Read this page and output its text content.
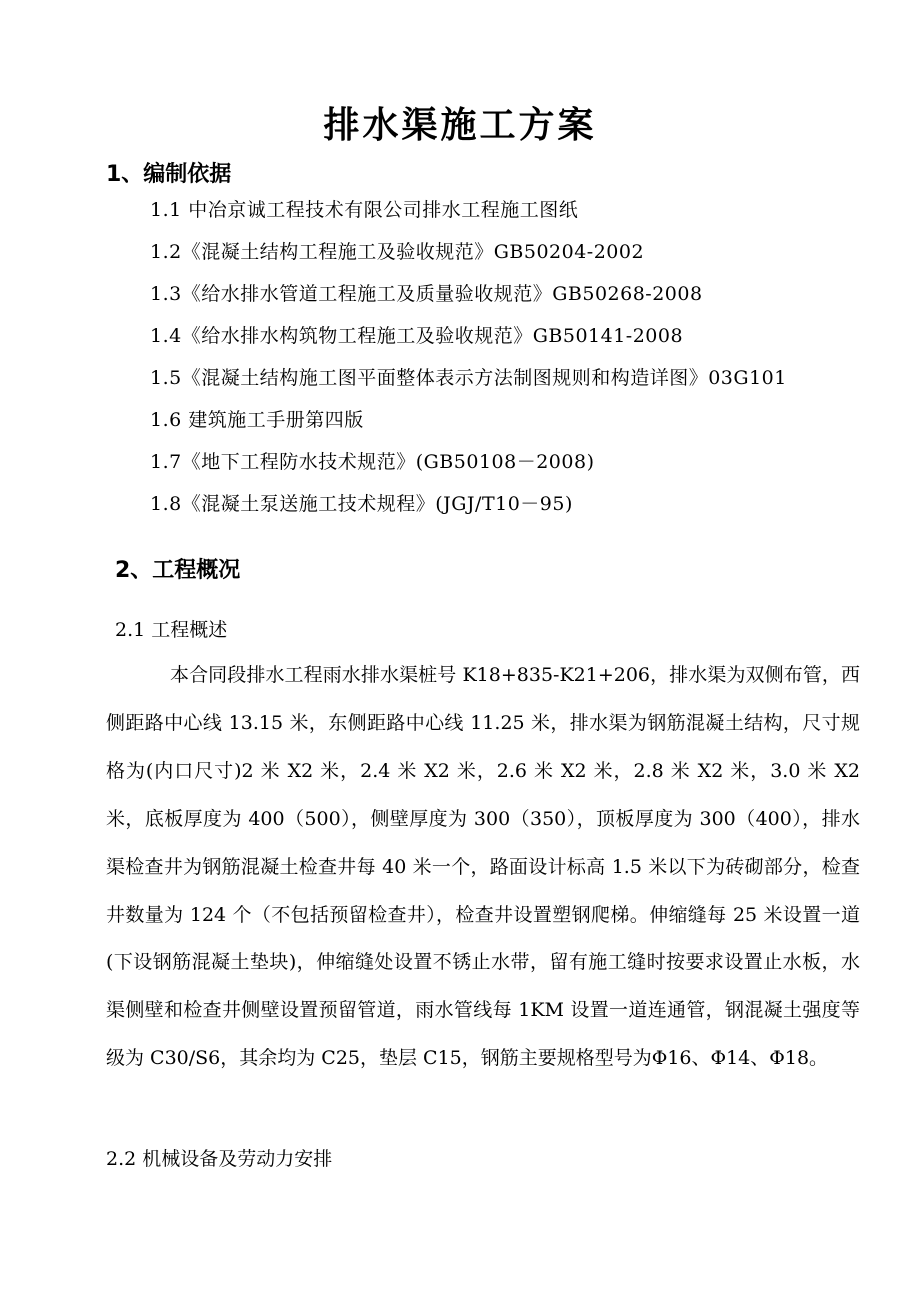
排水渠施工方案
1、编制依据
1.1 中冶京诚工程技术有限公司排水工程施工图纸
1.2《混凝土结构工程施工及验收规范》GB50204-2002
1.3《给水排水管道工程施工及质量验收规范》GB50268-2008
1.4《给水排水构筑物工程施工及验收规范》GB50141-2008
1.5《混凝土结构施工图平面整体表示方法制图规则和构造详图》03G101
1.6 建筑施工手册第四版
1.7《地下工程防水技术规范》(GB50108－2008)
1.8《混凝土泵送施工技术规程》(JGJ/T10－95)
2、工程概况
2.1 工程概述

本合同段排水工程雨水排水渠桩号 K18+835-K21+206，排水渠为双侧布管，西侧距路中心线 13.15 米，东侧距路中心线 11.25 米，排水渠为钢筋混凝土结构，尺寸规格为(内口尺寸)2 米 X2 米，2.4 米 X2 米，2.6 米 X2 米，2.8 米 X2 米，3.0 米 X2 米，底板厚度为 400（500），侧壁厚度为 300（350），顶板厚度为 300（400），排水渠检查井为钢筋混凝土检查井每 40 米一个，路面设计标高 1.5 米以下为砖砌部分，检查井数量为 124 个（不包括预留检查井），检查井设置塑钢爬梯。伸缩缝每 25 米设置一道(下设钢筋混凝土垫块)，伸缩缝处设置不锈止水带，留有施工缝时按要求设置止水板，水渠侧壁和检查井侧壁设置预留管道，雨水管线每 1KM 设置一道连通管，钢混凝土强度等级为 C30/S6，其余均为 C25，垫层 C15，钢筋主要规格型号为Φ16、Φ14、Φ18。

2.2 机械设备及劳动力安排
